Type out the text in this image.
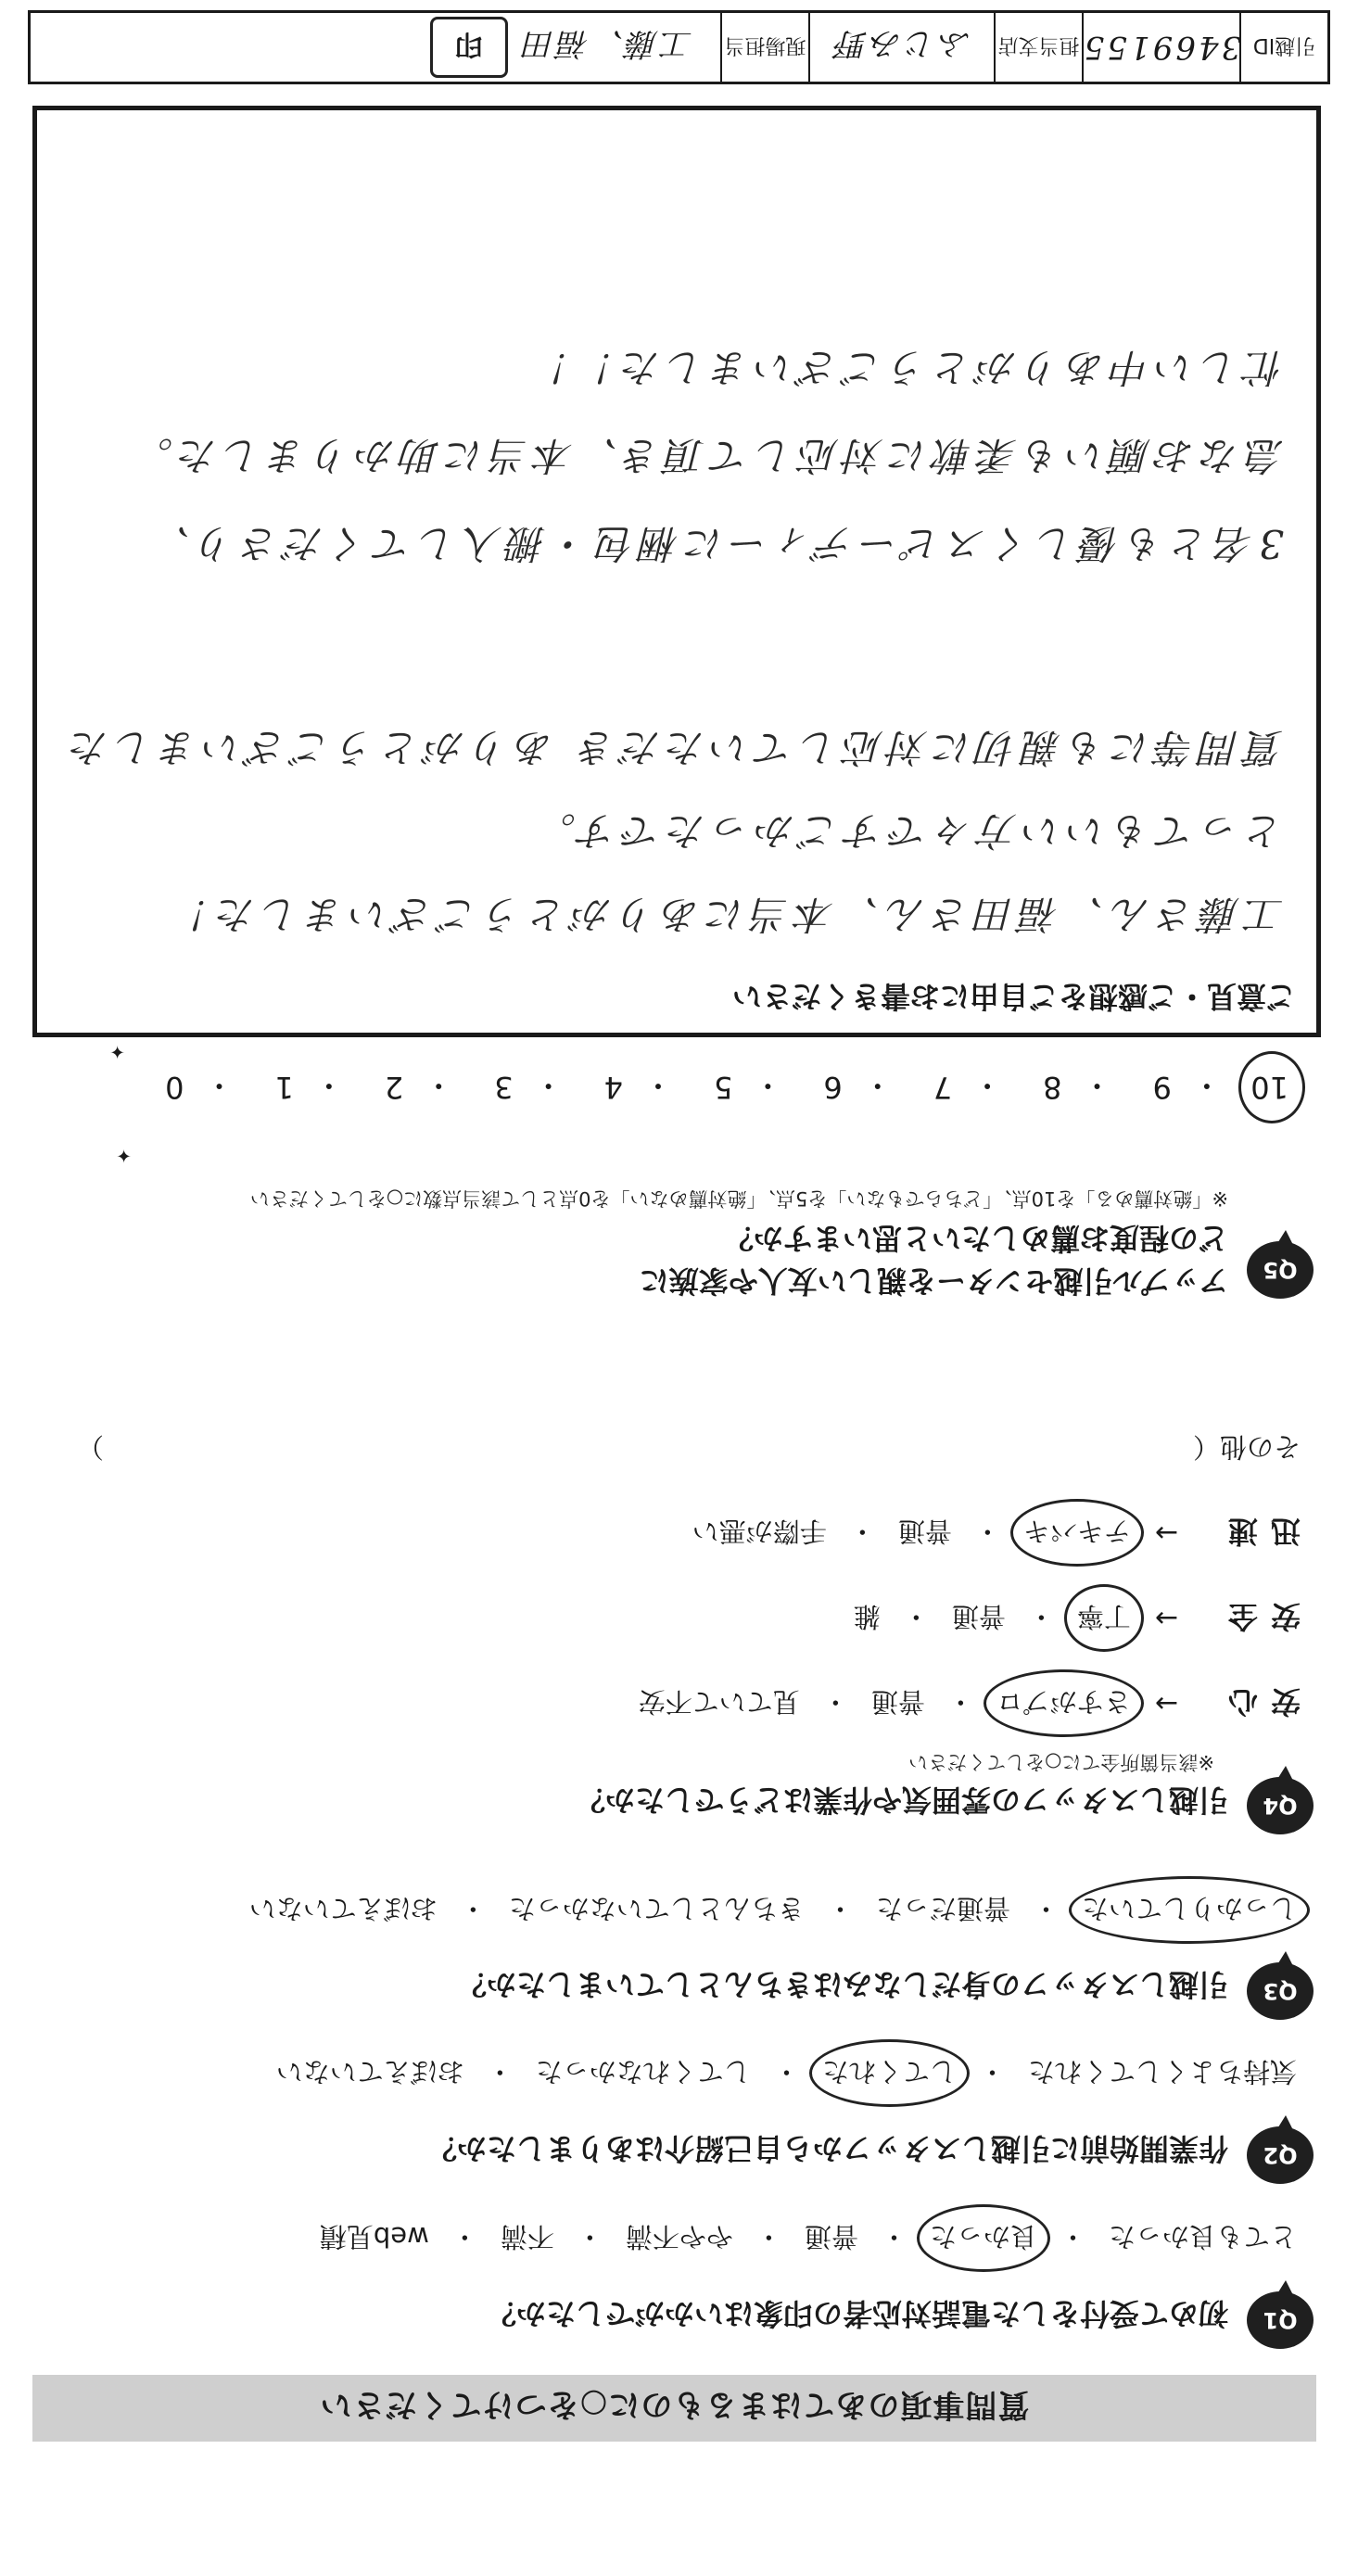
質問事項のあてはまるものに○をつけてください
Q1
初めて受付をした電話対応者の印象はいかがでしたか？
とても良かった
・
良かった
・
普通
・
やや不満
・
不満
・
web見積
Q2
作業開始前に引越しスタッフから自己紹介はありましたか？
気持ちよくしてくれた
・
してくれた
・
してくれなかった
・
おぼえていない
Q3
引越しスタッフの身だしなみはきちんとしていましたか？
しっかりしていた
・
普通だった
・
きちんとしていなかった
・
おぼえていない
Q4
引越しスタッフの雰囲気や作業はどうでしたか？
※該当箇所全てに○をしてください
安心
→
さすがプロ
・
普通
・
見ていて不安
安全
→
丁寧
・
普通
・
雑
迅速
→
テキパキ
・
普通
・
手際が悪い
その他（
）
Q5
アップル引越センターを親しい友人や家族に
どの程度お薦めしたいと思いますか？
※「絶対薦める」を10点、「どちらでもない」を5点、「絶対薦めない」を0点として該当点数に○をしてください
✦
✦
10
・
9
・
8
・
7
・
6
・
5
・
4
・
3
・
2
・
1
・
0
ご意見・ご感想をご自由にお書きください
工藤さん、福田さん、本当にありがとうございました！
とってもいい方々ですごかったです。
質問等にも親切に対応していただき ありがとうございました
3名とも優しくスピーディーに梱包・搬入してくださり、
急なお願いも柔軟に対応して頂き、本当に助かりました。
忙しい中ありがとうございました！！
引越ID
3469155
担当支店
ふじみ野
現場担当
工藤、福田
印
